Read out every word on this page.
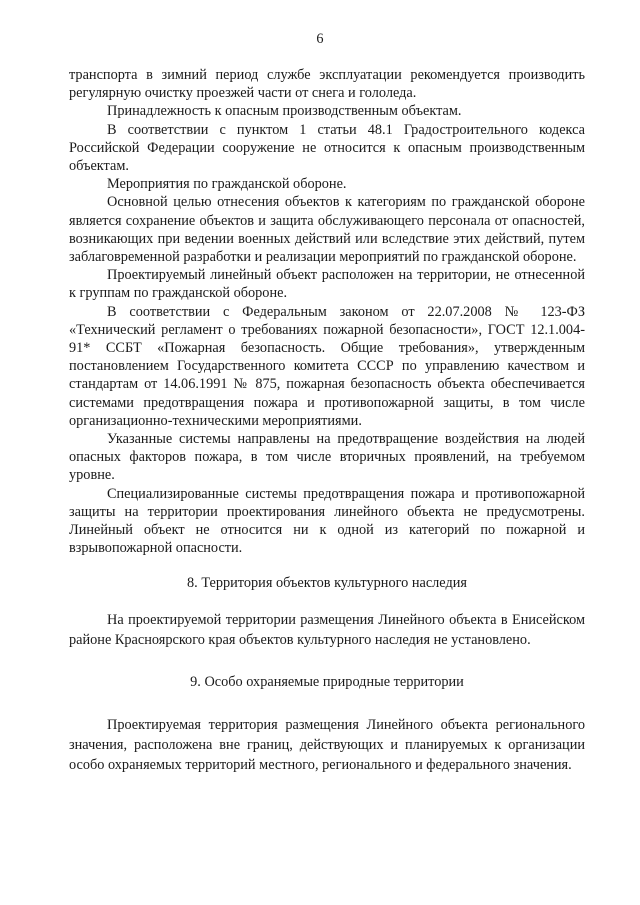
6

транспорта в зимний период службе эксплуатации рекомендуется производить регулярную очистку проезжей части от снега и гололеда.

Принадлежность к опасным производственным объектам.

В соответствии с пунктом 1 статьи 48.1 Градостроительного кодекса Российской Федерации сооружение не относится к опасным производственным объектам.

Мероприятия по гражданской обороне.

Основной целью отнесения объектов к категориям по гражданской обороне является сохранение объектов и защита обслуживающего персонала от опасностей, возникающих при ведении военных действий или вследствие этих действий, путем заблаговременной разработки и реализации мероприятий по гражданской обороне.

Проектируемый линейный объект расположен на территории, не отнесенной к группам по гражданской обороне.

В соответствии с Федеральным законом от 22.07.2008 № 123-ФЗ «Технический регламент о требованиях пожарной безопасности», ГОСТ 12.1.004-91* ССБТ «Пожарная безопасность. Общие требования», утвержденным постановлением Государственного комитета СССР по управлению качеством и стандартам от 14.06.1991 № 875, пожарная безопасность объекта обеспечивается системами предотвращения пожара и противопожарной защиты, в том числе организационно-техническими мероприятиями.

Указанные системы направлены на предотвращение воздействия на людей опасных факторов пожара, в том числе вторичных проявлений, на требуемом уровне.

Специализированные системы предотвращения пожара и противопожарной защиты на территории проектирования линейного объекта не предусмотрены. Линейный объект не относится ни к одной из категорий по пожарной и взрывопожарной опасности.

8. Территория объектов культурного наследия

На проектируемой территории размещения Линейного объекта в Енисейском районе Красноярского края объектов культурного наследия не установлено.

9. Особо охраняемые природные территории

Проектируемая территория размещения Линейного объекта регионального значения, расположена вне границ, действующих и планируемых к организации особо охраняемых территорий местного, регионального и федерального значения.
